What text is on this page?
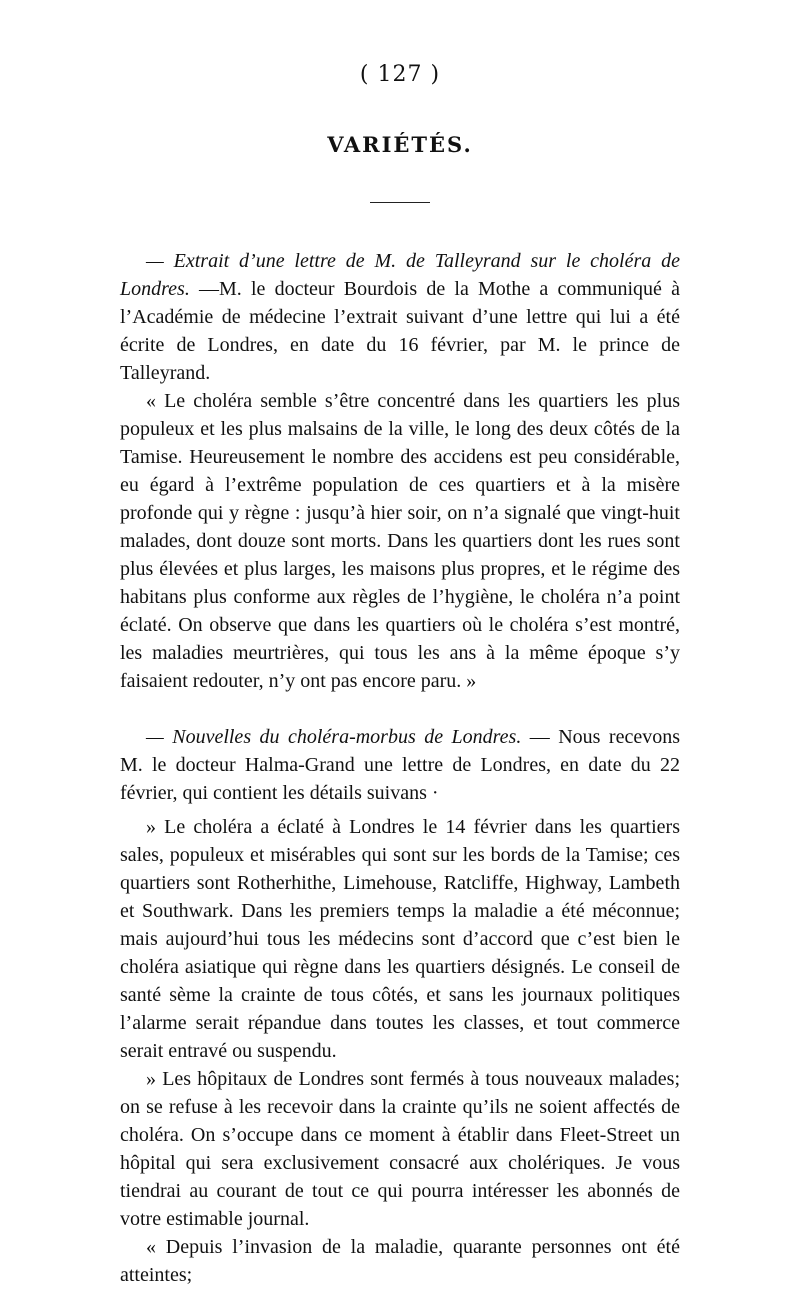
( 127 )
VARIÉTÉS.

— Extrait d’une lettre de M. de Talleyrand sur le choléra de Londres. —M. le docteur Bourdois de la Mothe a communiqué à l’Académie de médecine l’extrait suivant d’une lettre qui lui a été écrite de Londres, en date du 16 février, par M. le prince de Talleyrand.

« Le choléra semble s’être concentré dans les quartiers les plus populeux et les plus malsains de la ville, le long des deux côtés de la Tamise. Heureusement le nombre des accidens est peu considérable, eu égard à l’extrême population de ces quartiers et à la misère profonde qui y règne : jusqu’à hier soir, on n’a signalé que vingt-huit malades, dont douze sont morts. Dans les quartiers dont les rues sont plus élevées et plus larges, les maisons plus propres, et le régime des habitans plus conforme aux règles de l’hygiène, le choléra n’a point éclaté. On observe que dans les quartiers où le choléra s’est montré, les maladies meurtrières, qui tous les ans à la même époque s’y faisaient redouter, n’y ont pas encore paru. »

— Nouvelles du choléra-morbus de Londres. — Nous recevons M. le docteur Halma-Grand une lettre de Londres, en date du 22 février, qui contient les détails suivans ·

» Le choléra a éclaté à Londres le 14 février dans les quartiers sales, populeux et misérables qui sont sur les bords de la Tamise; ces quartiers sont Rotherhithe, Limehouse, Ratcliffe, Highway, Lambeth et Southwark. Dans les premiers temps la maladie a été méconnue; mais aujourd’hui tous les médecins sont d’accord que c’est bien le choléra asiatique qui règne dans les quartiers désignés. Le conseil de santé sème la crainte de tous côtés, et sans les journaux politiques l’alarme serait répandue dans toutes les classes, et tout commerce serait entravé ou suspendu.

» Les hôpitaux de Londres sont fermés à tous nouveaux malades; on se refuse à les recevoir dans la crainte qu’ils ne soient affectés de choléra. On s’occupe dans ce moment à établir dans Fleet-Street un hôpital qui sera exclusivement consacré aux cholériques. Je vous tiendrai au courant de tout ce qui pourra intéresser les abonnés de votre estimable journal.

« Depuis l’invasion de la maladie, quarante personnes ont été atteintes;
